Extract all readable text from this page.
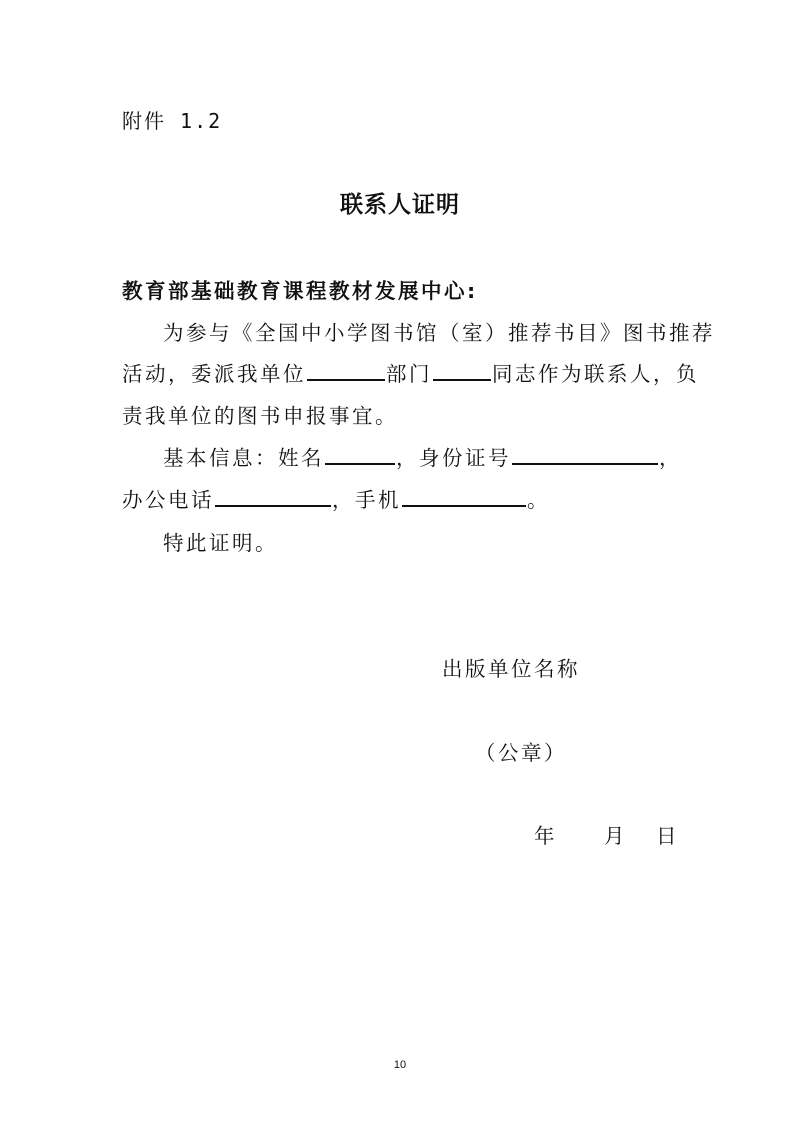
附件 1.2
联系人证明
教育部基础教育课程教材发展中心:
为参与《全国中小学图书馆（室）推荐书目》图书推荐
活动，委派我单位	部门	同志作为联系人，负
责我单位的图书申报事宜。
基本信息：姓名	，身份证号	，
办公电话	，手机	。
特此证明。
出版单位名称
（公章）
年 月 日
10
